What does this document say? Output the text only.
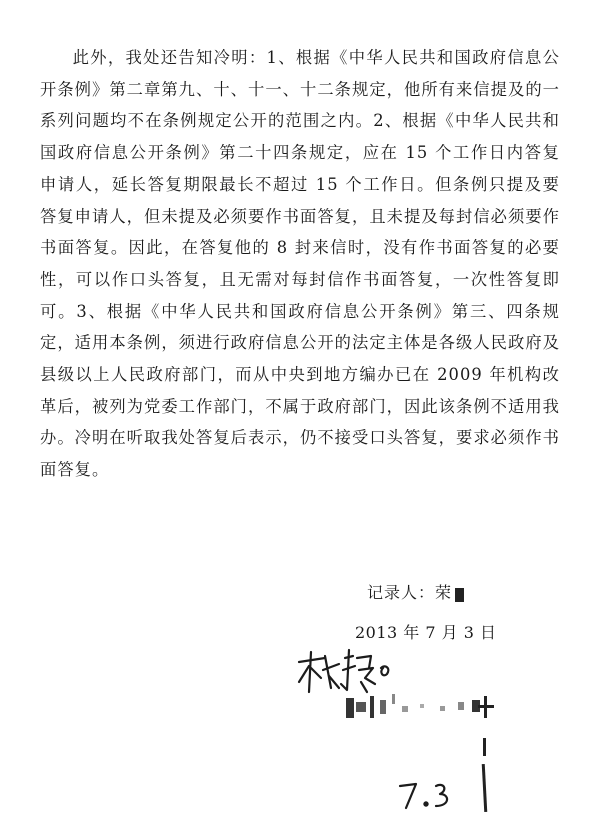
此外，我处还告知冷明：1、根据《中华人民共和国政府信息公开条例》第二章第九、十、十一、十二条规定，他所有来信提及的一系列问题均不在条例规定公开的范围之内。2、根据《中华人民共和国政府信息公开条例》第二十四条规定，应在 15 个工作日内答复申请人，延长答复期限最长不超过 15 个工作日。但条例只提及要答复申请人，但未提及必须要作书面答复，且未提及每封信必须要作书面答复。因此，在答复他的 8 封来信时，没有作书面答复的必要性，可以作口头答复，且无需对每封信作书面答复，一次性答复即可。3、根据《中华人民共和国政府信息公开条例》第三、四条规定，适用本条例，须进行政府信息公开的法定主体是各级人民政府及县级以上人民政府部门，而从中央到地方编办已在 2009 年机构改革后，被列为党委工作部门，不属于政府部门，因此该条例不适用我办。冷明在听取我处答复后表示，仍不接受口头答复，要求必须作书面答复。

记录人：荣
2013 年 7 月 3 日
